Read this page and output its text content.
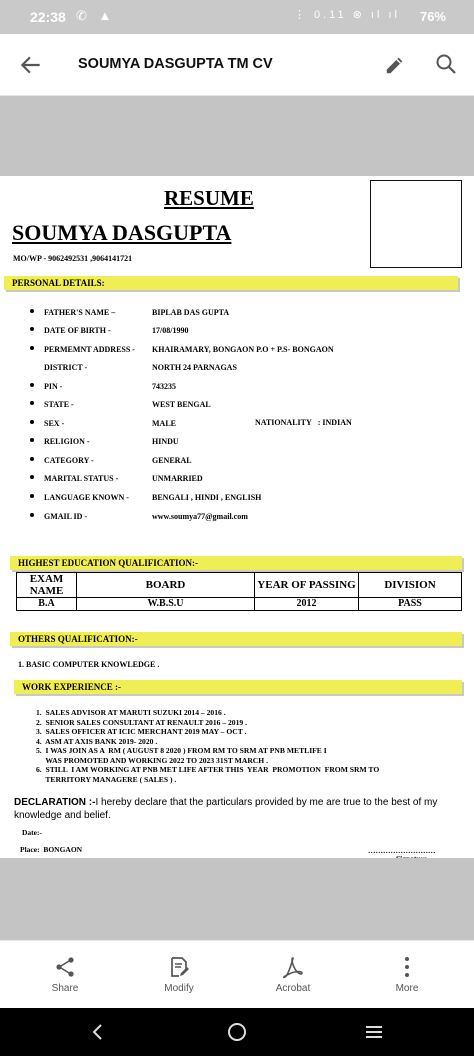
22:38 ✆ ▲	⋮ 0.11 ⊗ ıl ıl 76%
SOUMYA DASGUPTA TM CV
RESUME
SOUMYA DASGUPTA
MO/WP - 9062492531 ,9064141721
PERSONAL DETAILS:
FATHER'S NAME –	BIPLAB DAS GUPTA
DATE OF BIRTH -	17/08/1990
PERMEMNT ADDRESS - KHAIRAMARY, BONGAON P.O + P.S- BONGAON
DISTRICT -	NORTH 24 PARNAGAS
PIN -	743235
STATE -	WEST BENGAL
SEX -	MALE
RELIGION -	HINDU
CATEGORY -	GENERAL
MARITAL STATUS -	UNMARRIED
LANGUAGE KNOWN -	BENGALI , HINDI , ENGLISH
GMAIL ID -	www.soumya77@gmail.com
NATIONALITY : INDIAN
HIGHEST EDUCATION QUALIFICATION:-
EXAM NAME	BOARD	YEAR OF PASSING	DIVISION
B.A	W.B.S.U	2012	PASS
OTHERS QUALIFICATION:-
1. BASIC COMPUTER KNOWLEDGE .
WORK EXPERIENCE :-
1.  SALES ADVISOR AT MARUTI SUZUKI 2014 – 2016 .
2.  SENIOR SALES CONSULTANT AT RENAULT 2016 – 2019 .
3.  SALES OFFICER AT ICIC MERCHANT 2019 MAY – OCT .
4.  ASM AT AXIS BANK 2019- 2020 .
5.  I WAS JOIN AS A  RM ( AUGUST 8 2020 ) FROM RM TO SRM AT PNB METLIFE I
WAS PROMOTED AND WORKING 2022 TO 2023 31ST MARCH .
6.  STILL  I AM WORKING AT PNB MET LIFE AFTER THIS  YEAR  PROMOTION  FROM SRM TO
TERRITORY MANAGERE ( SALES ) .
DECLARATION :-I hereby declare that the particulars provided by me are true to the best of my knowledge and belief.
Date:-
Place: BONGAON	………………………
Share	Modify	Acrobat	More
